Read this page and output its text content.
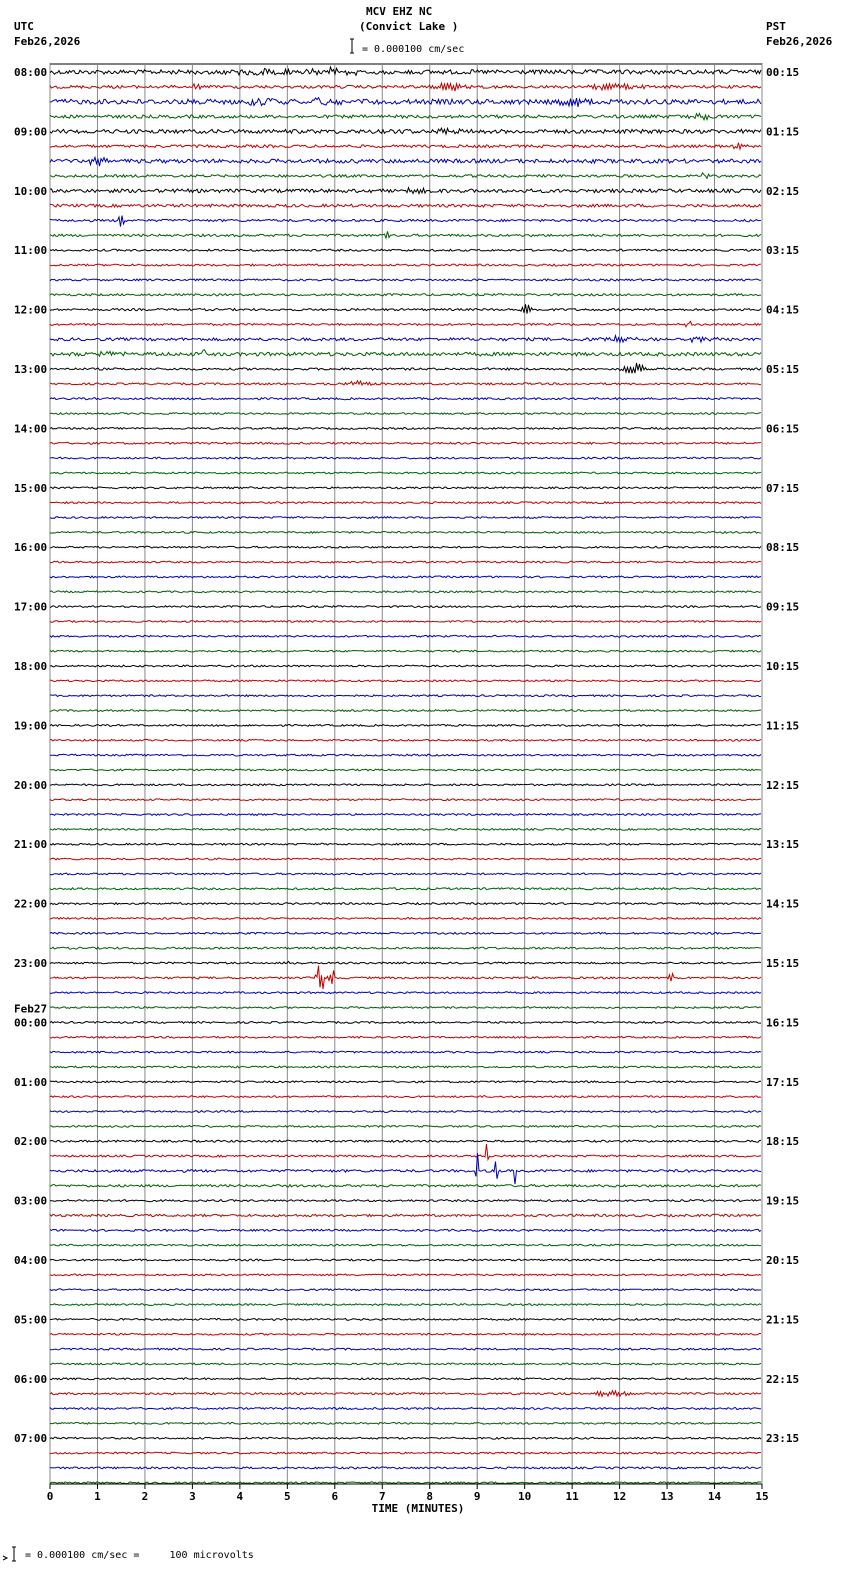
MCV EHZ NC
(Convict Lake )
UTC
Feb26,2026
PST
Feb26,2026
= 0.000100 cm/sec
= 0.000100 cm/sec =     100 microvolts
08:00
09:00
10:00
11:00
12:00
13:00
14:00
15:00
16:00
17:00
18:00
19:00
20:00
21:00
22:00
23:00
00:00
01:00
02:00
03:00
04:00
05:00
06:00
07:00
00:15
01:15
02:15
03:15
04:15
05:15
06:15
07:15
08:15
09:15
10:15
11:15
12:15
13:15
14:15
15:15
16:15
17:15
18:15
19:15
20:15
21:15
22:15
23:15
Feb27
0	1	2	3	4	5	6	7	8	9	10	11	12	13	14	15
TIME (MINUTES)
